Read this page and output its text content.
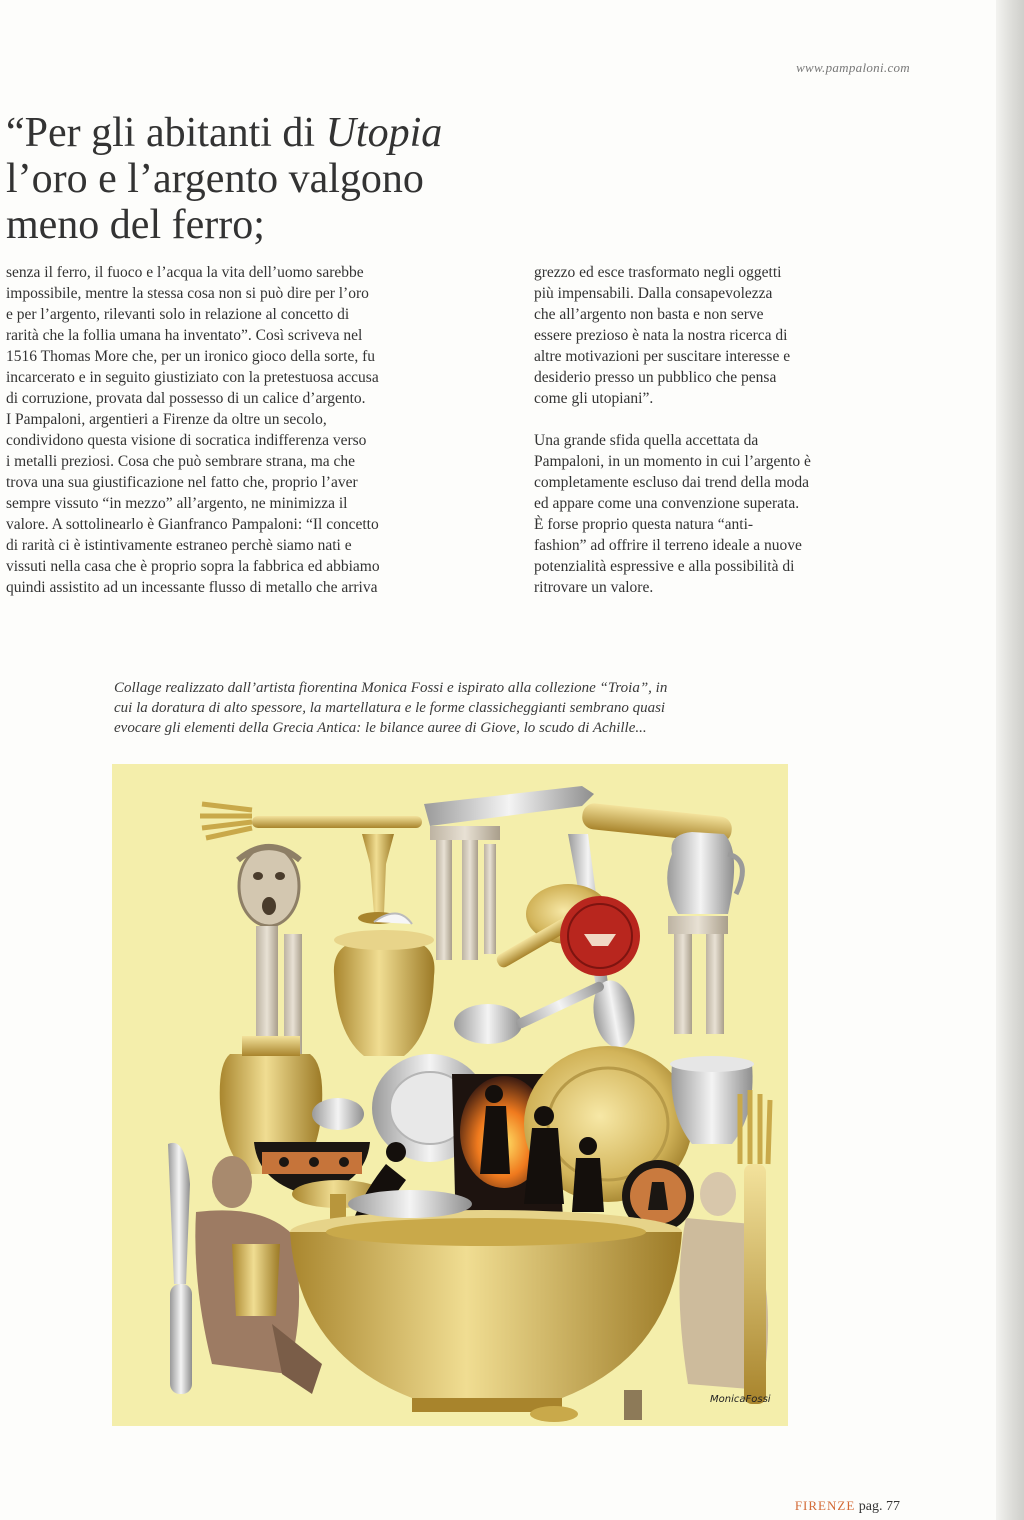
www.pampaloni.com
“Per gli abitanti di Utopia
l’oro e l’argento valgono
meno del ferro;

senza il ferro, il fuoco e l’acqua la vita dell’uomo sarebbe
impossibile, mentre la stessa cosa non si può dire per l’oro
e per l’argento, rilevanti solo in relazione al concetto di
rarità che la follia umana ha inventato”. Così scriveva nel
1516 Thomas More che, per un ironico gioco della sorte, fu
incarcerato e in seguito giustiziato con la pretestuosa accusa
di corruzione, provata dal possesso di un calice d’argento.
I Pampaloni, argentieri a Firenze da oltre un secolo,
condividono questa visione di socratica indifferenza verso
i metalli preziosi. Cosa che può sembrare strana, ma che
trova una sua giustificazione nel fatto che, proprio l’aver
sempre vissuto “in mezzo” all’argento, ne minimizza il
valore. A sottolinearlo è Gianfranco Pampaloni: “Il concetto
di rarità ci è istintivamente estraneo perchè siamo nati e
vissuti nella casa che è proprio sopra la fabbrica ed abbiamo
quindi assistito ad un incessante flusso di metallo che arriva

grezzo ed esce trasformato negli oggetti
più impensabili. Dalla consapevolezza
che all’argento non basta e non serve
essere prezioso è nata la nostra ricerca di
altre motivazioni per suscitare interesse e
desiderio presso un pubblico che pensa
come gli utopiani”.

Una grande sfida quella accettata da
Pampaloni, in un momento in cui l’argento è
completamente escluso dai trend della moda
ed appare come una convenzione superata.
È forse proprio questa natura “anti-
fashion” ad offrire il terreno ideale a nuove
potenzialità espressive e alla possibilità di
ritrovare un valore.

Collage realizzato dall’artista fiorentina Monica Fossi e ispirato alla collezione “Troia”, in
cui la doratura di alto spessore, la martellatura e le forme classicheggianti sembrano quasi
evocare gli elementi della Grecia Antica: le bilance auree di Giove, lo scudo di Achille...

MonicaFossi
FIRENZE pag. 77
